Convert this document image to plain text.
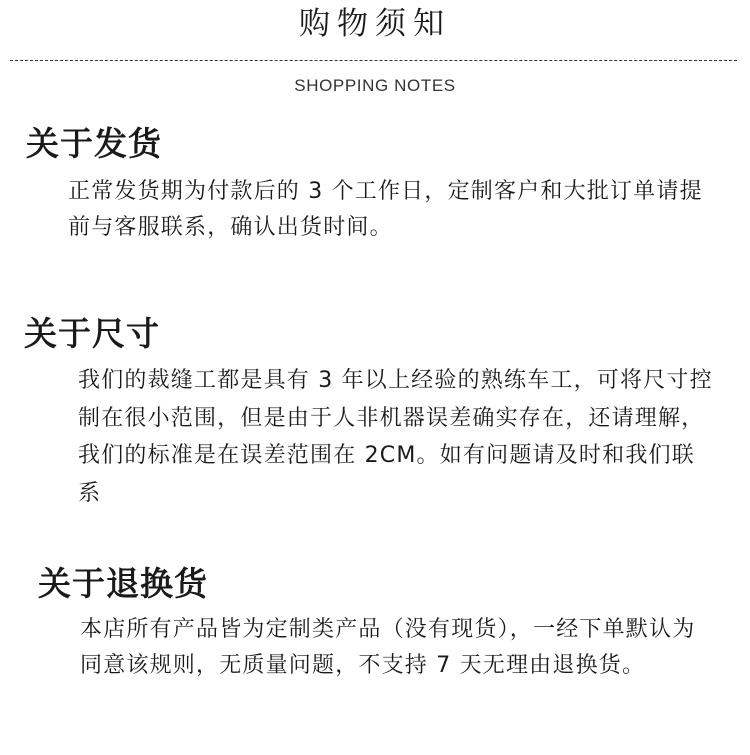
购物须知
SHOPPING NOTES
关于发货
正常发货期为付款后的 3 个工作日，定制客户和大批订单请提前与客服联系，确认出货时间。
关于尺寸
我们的裁缝工都是具有 3 年以上经验的熟练车工，可将尺寸控制在很小范围，但是由于人非机器误差确实存在，还请理解，我们的标准是在误差范围在 2CM。如有问题请及时和我们联系
关于退换货
本店所有产品皆为定制类产品（没有现货），一经下单默认为同意该规则，无质量问题，不支持 7 天无理由退换货。
